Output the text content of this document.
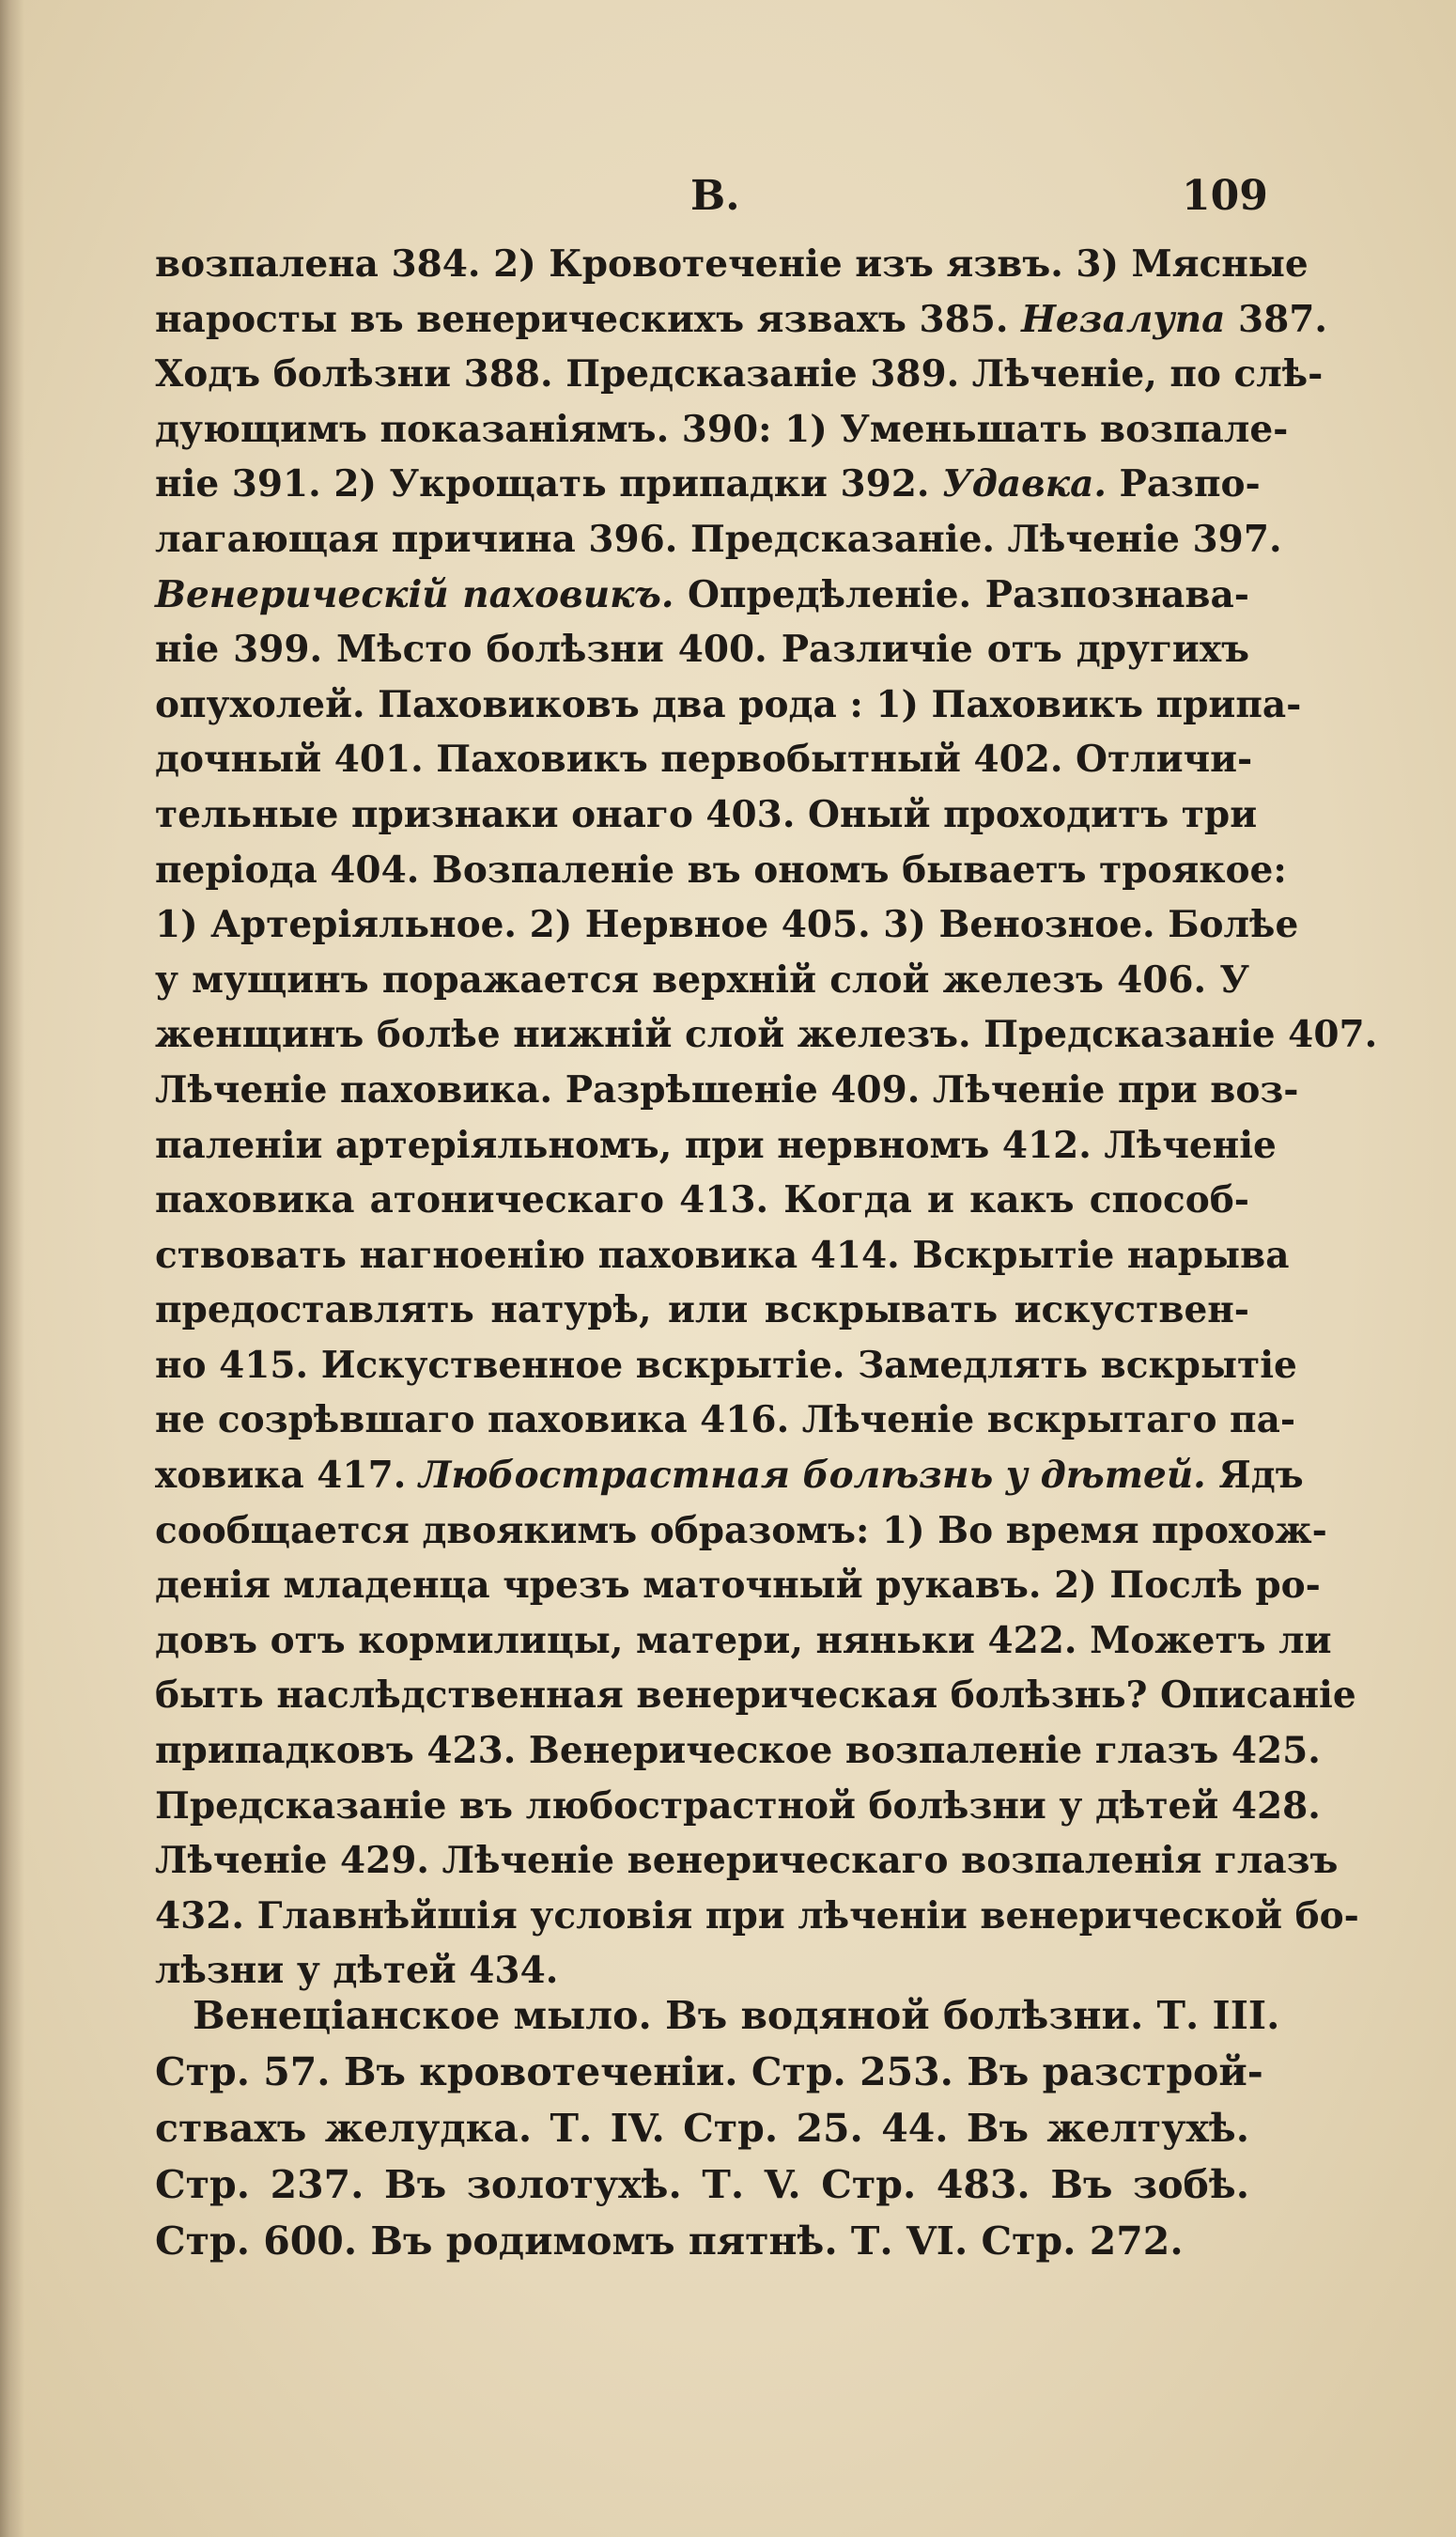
В.	109
возпалена 384. 2) Кровотеченіе изъ язвъ. 3) Мясные
наросты въ венерическихъ язвахъ 385. Незалупа 387.
Ходъ болѣзни 388. Предсказаніе 389. Лѣченіе, по слѣ-
дующимъ показаніямъ. 390: 1) Уменьшать возпале-
ніе 391. 2) Укрощать припадки 392. Удавка. Разпо-
лагающая причина 396. Предсказаніе. Лѣченіе 397.
Венерическій паховикъ. Опредѣленіе. Разпознава-
ніе 399. Мѣсто болѣзни 400. Различіе отъ другихъ
опухолей. Паховиковъ два рода : 1) Паховикъ припа-
дочный 401. Паховикъ первобытный 402. Отличи-
тельные признаки онаго 403. Оный проходитъ три
періода 404. Возпаленіе въ ономъ бываетъ троякое:
1) Артеріяльное. 2) Нервное 405. 3) Венозное. Болѣе
у мущинъ поражается верхній слой железъ 406. У
женщинъ болѣе нижній слой железъ. Предсказаніе 407.
Лѣченіе паховика. Разрѣшеніе 409. Лѣченіе при воз-
паленіи артеріяльномъ, при нервномъ 412. Лѣченіе
паховика атоническаго 413. Когда и какъ способ-
ствовать нагноенію паховика 414. Вскрытіе нарыва
предоставлять натурѣ, или вскрывать искуствен-
но 415. Искуственное вскрытіе. Замедлять вскрытіе
не созрѣвшаго паховика 416. Лѣченіе вскрытаго па-
ховика 417. Любострастная болѣзнь у дѣтей. Ядъ
сообщается двоякимъ образомъ: 1) Во время прохож-
денія младенца чрезъ маточный рукавъ. 2) Послѣ ро-
довъ отъ кормилицы, матери, няньки 422. Можетъ ли
быть наслѣдственная венерическая болѣзнь? Описаніе
припадковъ 423. Венерическое возпаленіе глазъ 425.
Предсказаніе въ любострастной болѣзни у дѣтей 428.
Лѣченіе 429. Лѣченіе венерическаго возпаленія глазъ
432. Главнѣйшія условія при лѣченіи венерической бо-
лѣзни у дѣтей 434.
Венеціанское мыло. Въ водяной болѣзни. Т. III.
Стр. 57. Въ кровотеченіи. Стр. 253. Въ разстрой-
ствахъ желудка. Т. IV. Стр. 25. 44. Въ желтухѣ.
Стр. 237. Въ золотухѣ. Т. V. Стр. 483. Въ зобѣ.
Стр. 600. Въ родимомъ пятнѣ. Т. VI. Стр. 272.
